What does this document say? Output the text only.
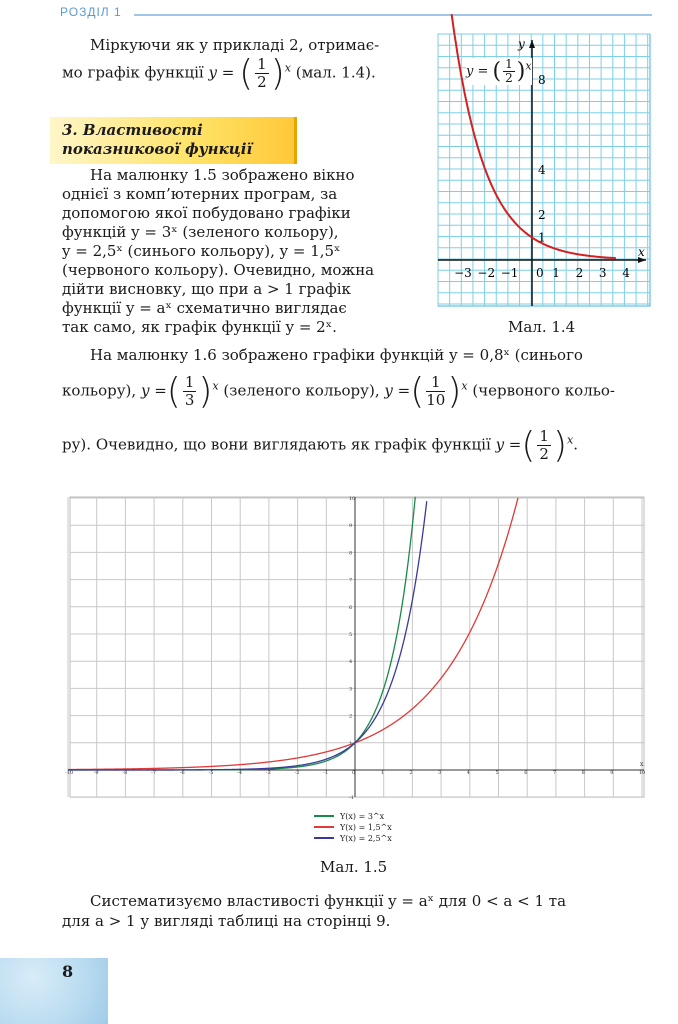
РОЗДІЛ 1

Міркуючи як у прикладі 2, отримає-

мо графік функції y = ( $\frac{1}{2} )^x$ (мал. 1.4).
3. Властивості
показникової функції
На малюнку 1.5 зображено вікно
однієї з комп’ютерних програм, за
допомогою якої побудовано графіки
функцій y = 3ˣ (зеленого кольору),
y = 2,5ˣ (синього кольору), y = 1,5ˣ
(червоного кольору). Очевидно, можна
дійти висновку, що при a > 1 графік
функції y = aˣ схематично виглядає
так само, як графік функції y = 2ˣ.
x
y
−3 −2 −1 0 1 2 3 4
1
2
4
8
y = ( $\frac{1}{2} )^x$
Мал. 1.4
На малюнку 1.6 зображено графіки функцій y = 0,8ˣ (синього
кольору), y =( $\frac{1}{3} )^x$ (зеленого кольору), y =( $\frac{1}{10} )^x$ (червоного кольо-
ру). Очевидно, що вони виглядають як графік функції y =( $\frac{1}{2} )^x$.
-10	-9	-8	-7	-6	-5	-4	-3	-2	-1	0	1	2	3	4	5	6	7	8	9	10
-1
1
2
3
4
5
6
7
8
9
10
x
Y(x) = 3^x
Y(x) = 1,5^x
Y(x) = 2,5^x
Мал. 1.5
Систематизуємо властивості функції y = aˣ для 0 < a < 1 та
для a > 1 у вигляді таблиці на сторінці 9.
8
